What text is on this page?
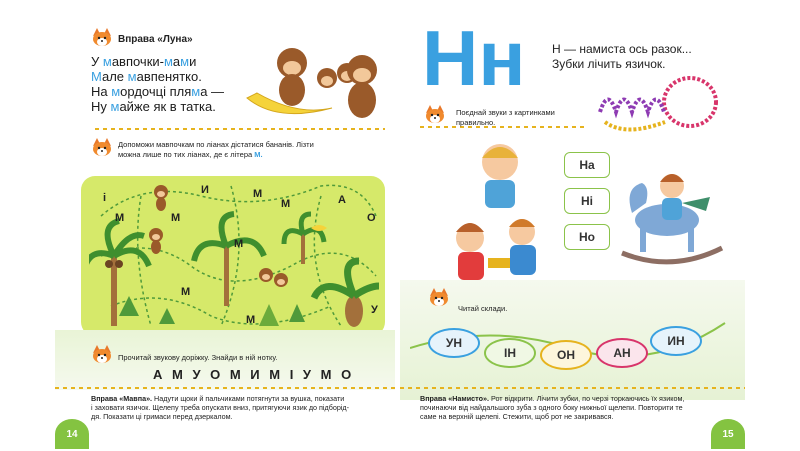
Вправа «Луна»
У мавпочки-мами
Мале мавпенятко.
На мордочці пляма —
Ну майже як в татка.
Допоможи мавпочкам по ліанах дістатися бананів. Лізти
можна лише по тих ліанах, де є літера М.
і
М	М
И	М
М	А
О
М
У
М
М
Прочитай звукову доріжку. Знайди в ній нотку.
А М У О М И М І У М О
Вправа «Мавпа». Надути щоки й пальчиками потягнути за вушка, показати
і заховати язичок. Щелепу треба опускати вниз, притягуючи язик до підборід-
дя. Показати ці гримаси перед дзеркалом.
14
Нн Н — намиста ось разок...
Зубки лічить язичок.
Поєднай звуки з картинками
правильно.
На
Ні
Но
Читай склади.
УН
ІН	ОН	АН
ИН
Вправа «Намисто». Рот відкрити. Лічити зубки, по черзі торкаючись їх язиком,
починаючи від найдальшого зуба з одного боку нижньої щелепи. Повторити те
саме на верхній щелепі. Стежити, щоб рот не закривався.
15
